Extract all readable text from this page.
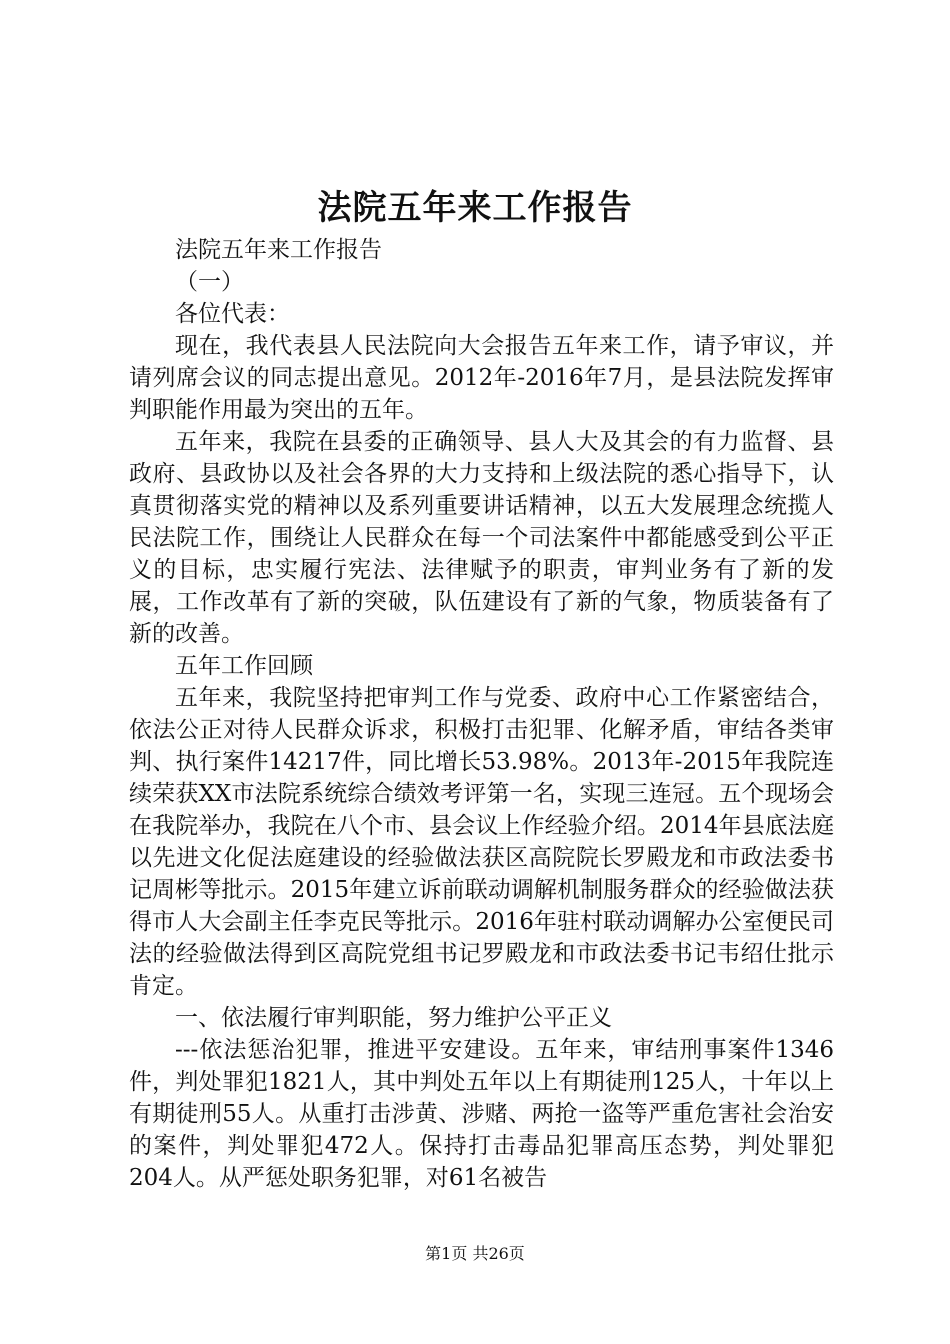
法院五年来工作报告

法院五年来工作报告

（一）

各位代表：

现在，我代表县人民法院向大会报告五年来工作，请予审议，并请列席会议的同志提出意见。2012年-2016年7月，是县法院发挥审判职能作用最为突出的五年。

五年来，我院在县委的正确领导、县人大及其会的有力监督、县政府、县政协以及社会各界的大力支持和上级法院的悉心指导下，认真贯彻落实党的精神以及系列重要讲话精神，以五大发展理念统揽人民法院工作，围绕让人民群众在每一个司法案件中都能感受到公平正义的目标，忠实履行宪法、法律赋予的职责，审判业务有了新的发展，工作改革有了新的突破，队伍建设有了新的气象，物质装备有了新的改善。

五年工作回顾

五年来，我院坚持把审判工作与党委、政府中心工作紧密结合，依法公正对待人民群众诉求，积极打击犯罪、化解矛盾，审结各类审判、执行案件14217件，同比增长53.98%。2013年-2015年我院连续荣获XX市法院系统综合绩效考评第一名，实现三连冠。五个现场会在我院举办，我院在八个市、县会议上作经验介绍。2014年县底法庭以先进文化促法庭建设的经验做法获区高院院长罗殿龙和市政法委书记周彬等批示。2015年建立诉前联动调解机制服务群众的经验做法获得市人大会副主任李克民等批示。2016年驻村联动调解办公室便民司法的经验做法得到区高院党组书记罗殿龙和市政法委书记韦绍仕批示肯定。

一、依法履行审判职能，努力维护公平正义

---依法惩治犯罪，推进平安建设。五年来，审结刑事案件1346件，判处罪犯1821人，其中判处五年以上有期徒刑125人，十年以上有期徒刑55人。从重打击涉黄、涉赌、两抢一盗等严重危害社会治安的案件，判处罪犯472人。保持打击毒品犯罪高压态势，判处罪犯204人。从严惩处职务犯罪，对61名被告

第1页 共26页
